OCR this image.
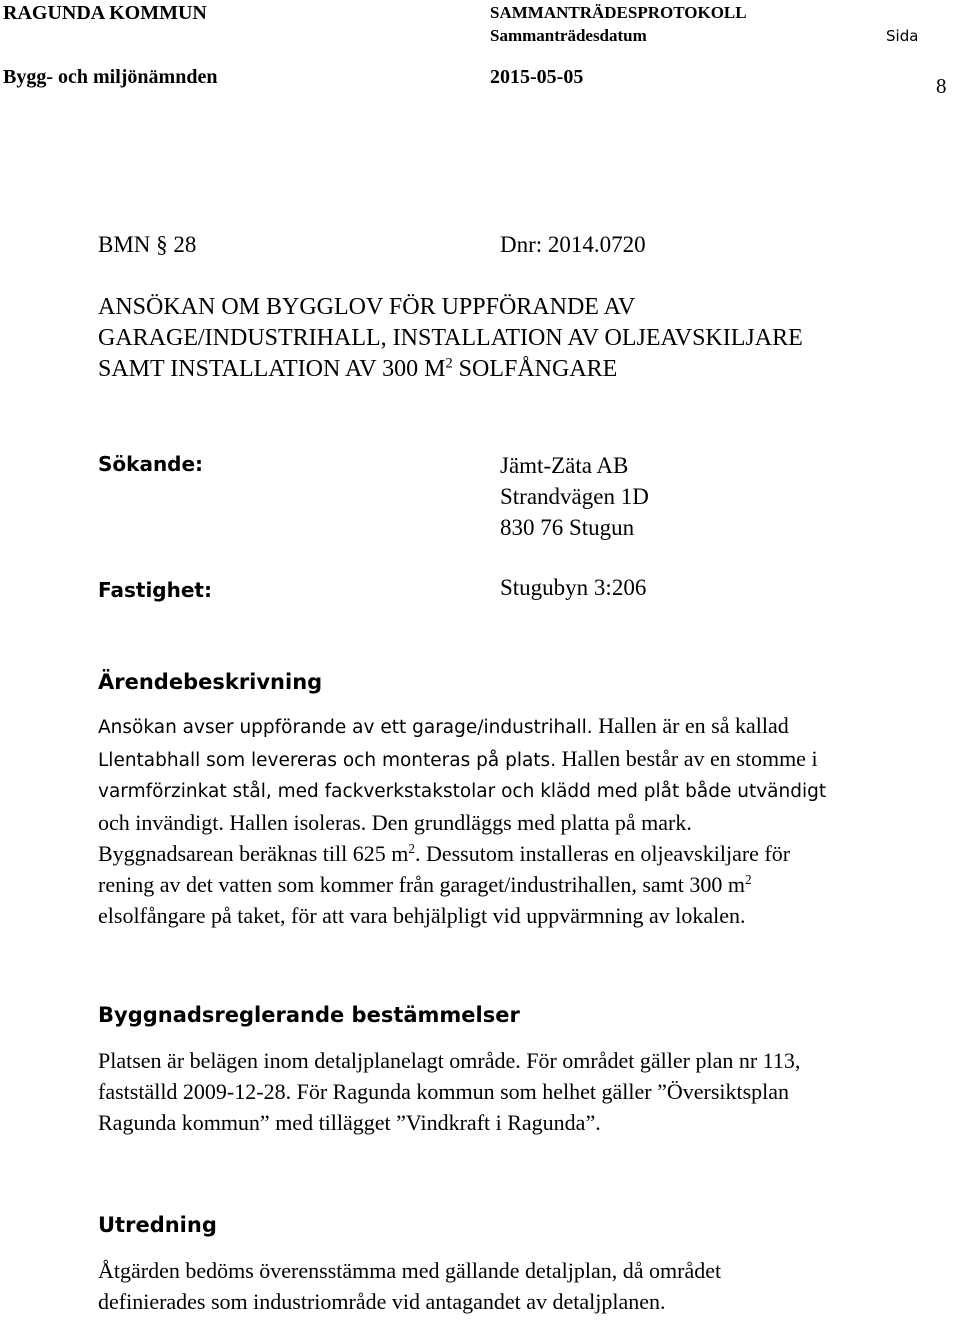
RAGUNDA KOMMUN	SAMMANTRÄDESPROTOKOLL
Sammanträdesdatum	Sida
Bygg- och miljönämnden	2015-05-05	8
BMN § 28	Dnr: 2014.0720
ANSÖKAN OM BYGGLOV FÖR UPPFÖRANDE AV
GARAGE/INDUSTRIHALL, INSTALLATION AV OLJEAVSKILJARE
SAMT INSTALLATION AV 300 $M^2$ SOLFÅNGARE
Sökande:	Jämt-Zäta AB
Strandvägen 1D
830 76 Stugun
Fastighet:	Stugubyn 3:206
Ärendebeskrivning
Ansökan avser uppförande av ett garage/industrihall. Hallen är en så kallad
Llentabhall som levereras och monteras på plats. Hallen består av en stomme i
varmförzinkat stål, med fackverkstakstolar och klädd med plåt både utvändigt
och invändigt. Hallen isoleras. Den grundläggs med platta på mark.
Byggnadsarean beräknas till 625 $m^2$. Dessutom installeras en oljeavskiljare för
rening av det vatten som kommer från garaget/industrihallen, samt 300 $m^2$
elsolfångare på taket, för att vara behjälpligt vid uppvärmning av lokalen.
Byggnadsreglerande bestämmelser
Platsen är belägen inom detaljplanelagt område. För området gäller plan nr 113,
fastställd 2009-12-28. För Ragunda kommun som helhet gäller ”Översiktsplan
Ragunda kommun” med tillägget ”Vindkraft i Ragunda”.
Utredning
Åtgärden bedöms överensstämma med gällande detaljplan, då området
definierades som industriområde vid antagandet av detaljplanen.
